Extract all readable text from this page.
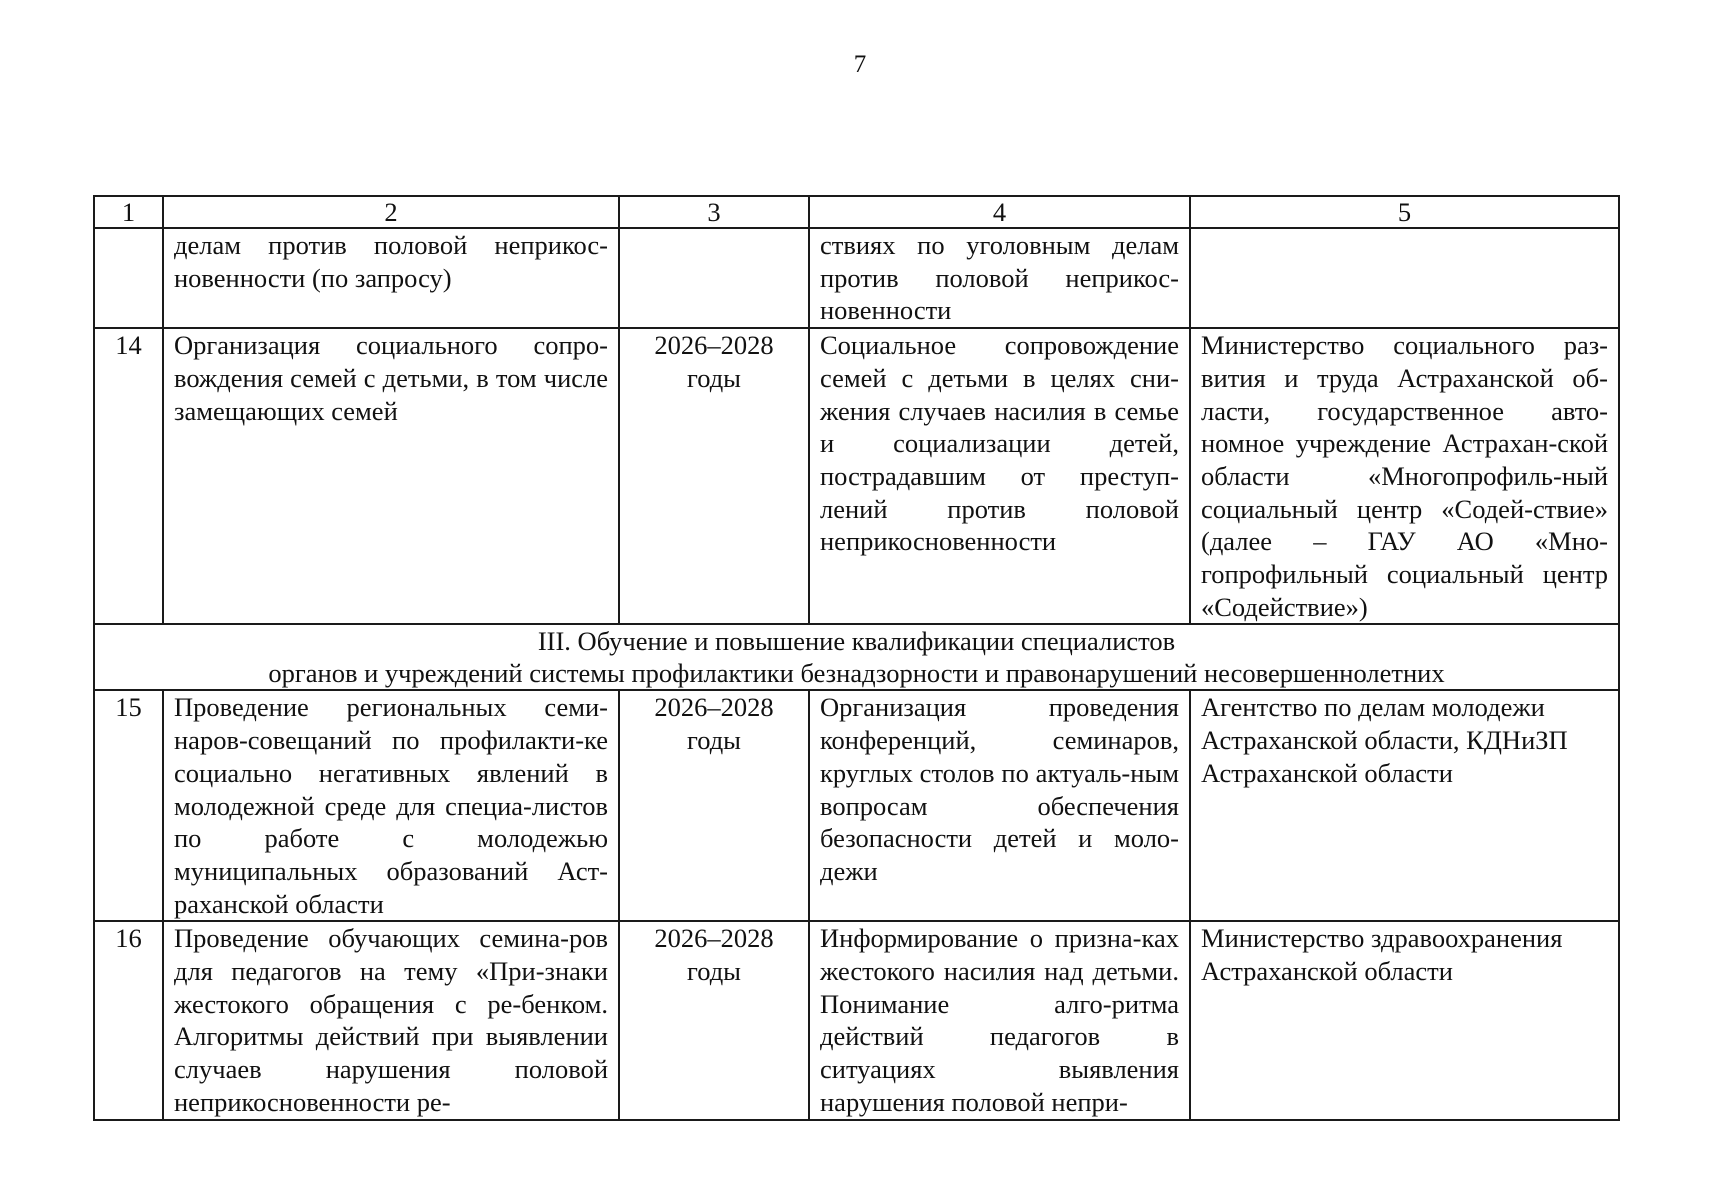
7
1	2	3	4	5
	делам против половой неприкос-новенности (по запросу)		ствиях по уголовным делам против половой неприкос-новенности	
14	Организация социального сопро-вождения семей с детьми, в том числе замещающих семей	2026–2028 годы	Социальное сопровождение семей с детьми в целях сни-жения случаев насилия в семье и социализации детей, пострадавшим от преступ-лений против половой неприкосновенности	Министерство социального раз-вития и труда Астраханской об-ласти, государственное авто-номное учреждение Астрахан-ской области «Многопрофиль-ный социальный центр «Содей-ствие» (далее – ГАУ АО «Мно-гопрофильный социальный центр «Содействие»)

III. Обучение и повышение квалификации специалистов
органов и учреждений системы профилактики безнадзорности и правонарушений несовершеннолетних				

15	Проведение региональных семи-наров-совещаний по профилакти-ке социально негативных явлений в молодежной среде для специа-листов по работе с молодежью муниципальных образований Аст-раханской области	2026–2028 годы	Организация проведения конференций, семинаров, круглых столов по актуаль-ным вопросам обеспечения безопасности детей и моло-дежи	Агентство по делам молодежи Астраханской области, КДНиЗП Астраханской области
16	Проведение обучающих семина-ров для педагогов на тему «При-знаки жестокого обращения с ре-бенком. Алгоритмы действий при выявлении случаев нарушения половой неприкосновенности ре-	2026–2028 годы	Информирование о призна-ках жестокого насилия над детьми. Понимание алго-ритма действий педагогов в ситуациях выявления нарушения половой непри-	Министерство здравоохранения Астраханской области
